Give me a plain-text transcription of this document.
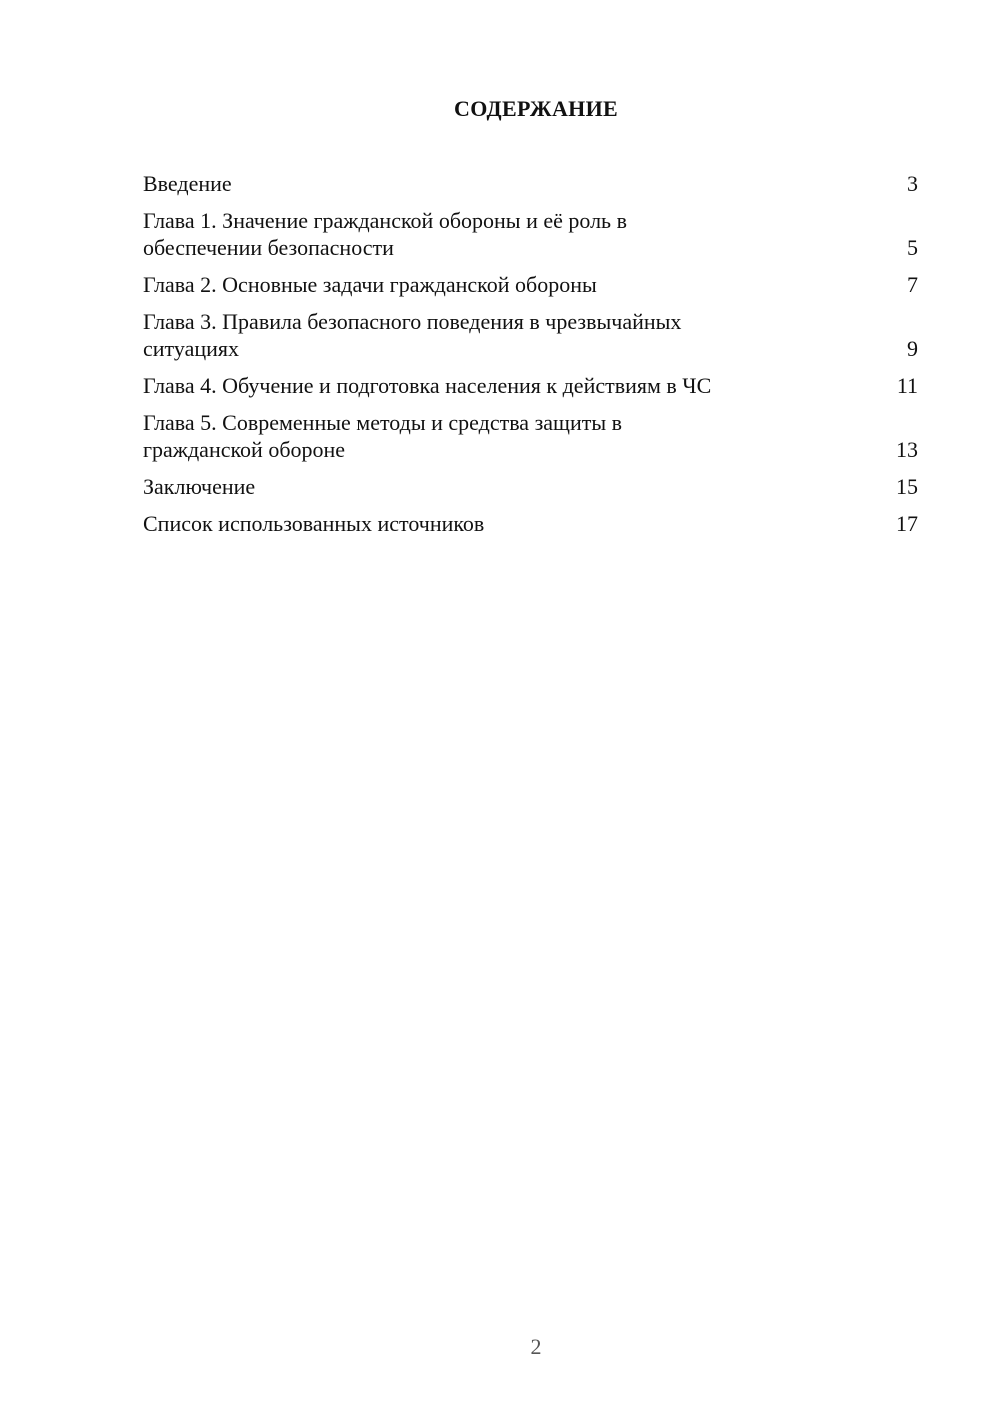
СОДЕРЖАНИЕ
Введение	3
Глава 1. Значение гражданской обороны и её роль в
обеспечении безопасности	5
Глава 2. Основные задачи гражданской обороны	7
Глава 3. Правила безопасного поведения в чрезвычайных
ситуациях	9
Глава 4. Обучение и подготовка населения к действиям в ЧС	11
Глава 5. Современные методы и средства защиты в
гражданской обороне	13
Заключение	15
Список использованных источников	17
2
